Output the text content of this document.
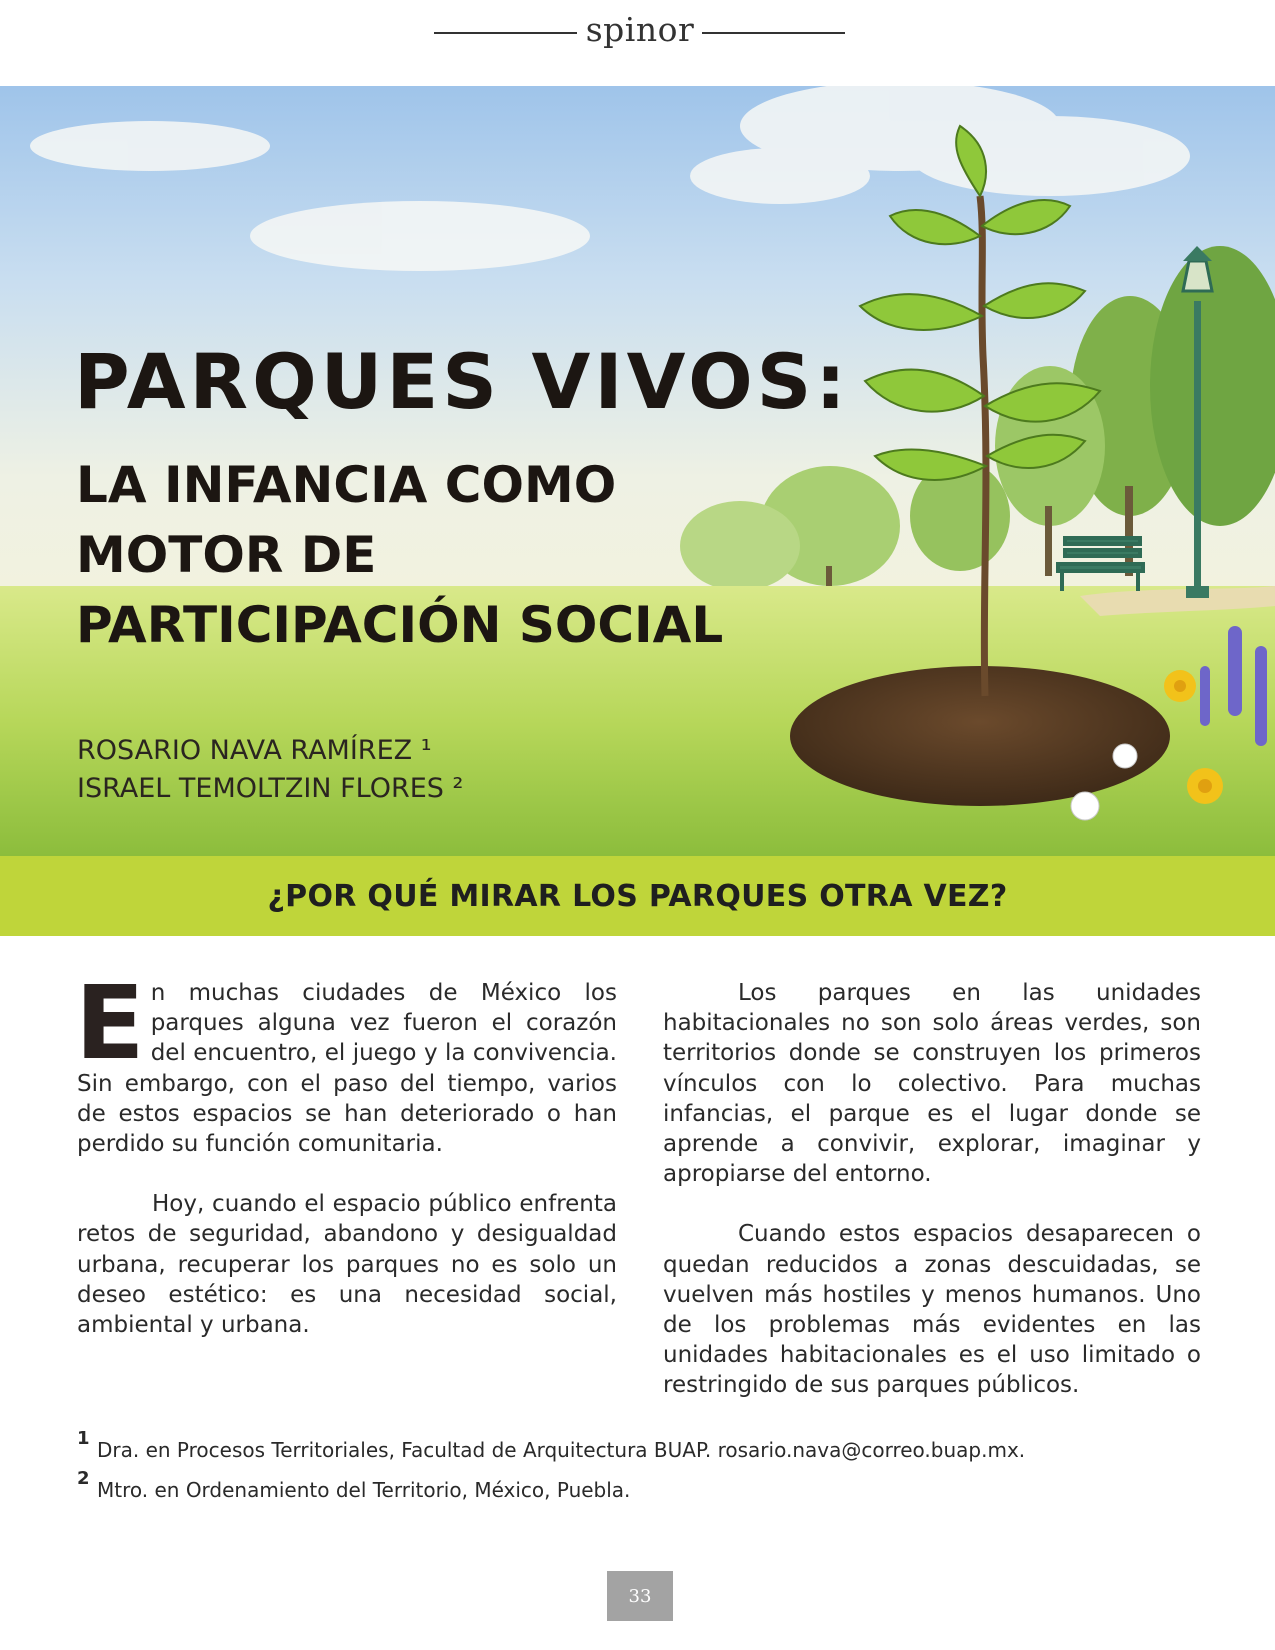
spinor
PARQUES VIVOS:
LA INFANCIA COMO
MOTOR DE
PARTICIPACIÓN SOCIAL
ROSARIO NAVA RAMÍREZ ¹
ISRAEL TEMOLTZIN FLORES ²
¿POR QUÉ MIRAR LOS PARQUES OTRA VEZ?

En muchas ciudades de México los parques alguna vez fueron el corazón del encuentro, el juego y la convivencia. Sin embargo, con el paso del tiempo, varios de estos espacios se han deteriorado o han perdido su función comunitaria.

Hoy, cuando el espacio público enfrenta retos de seguridad, abandono y desigualdad urbana, recuperar los parques no es solo un deseo estético: es una necesidad social, ambiental y urbana.

Los parques en las unidades habitacionales no son solo áreas verdes, son territorios donde se construyen los primeros vínculos con lo colectivo. Para muchas infancias, el parque es el lugar donde se aprende a convivir, explorar, imaginar y apropiarse del entorno.

Cuando estos espacios desaparecen o quedan reducidos a zonas descuidadas, se vuelven más hostiles y menos humanos. Uno de los problemas más evidentes en las unidades habitacionales es el uso limitado o restringido de sus parques públicos.

1 Dra. en Procesos Territoriales, Facultad de Arquitectura BUAP. rosario.nava@correo.buap.mx.
2 Mtro. en Ordenamiento del Territorio, México, Puebla.
33
